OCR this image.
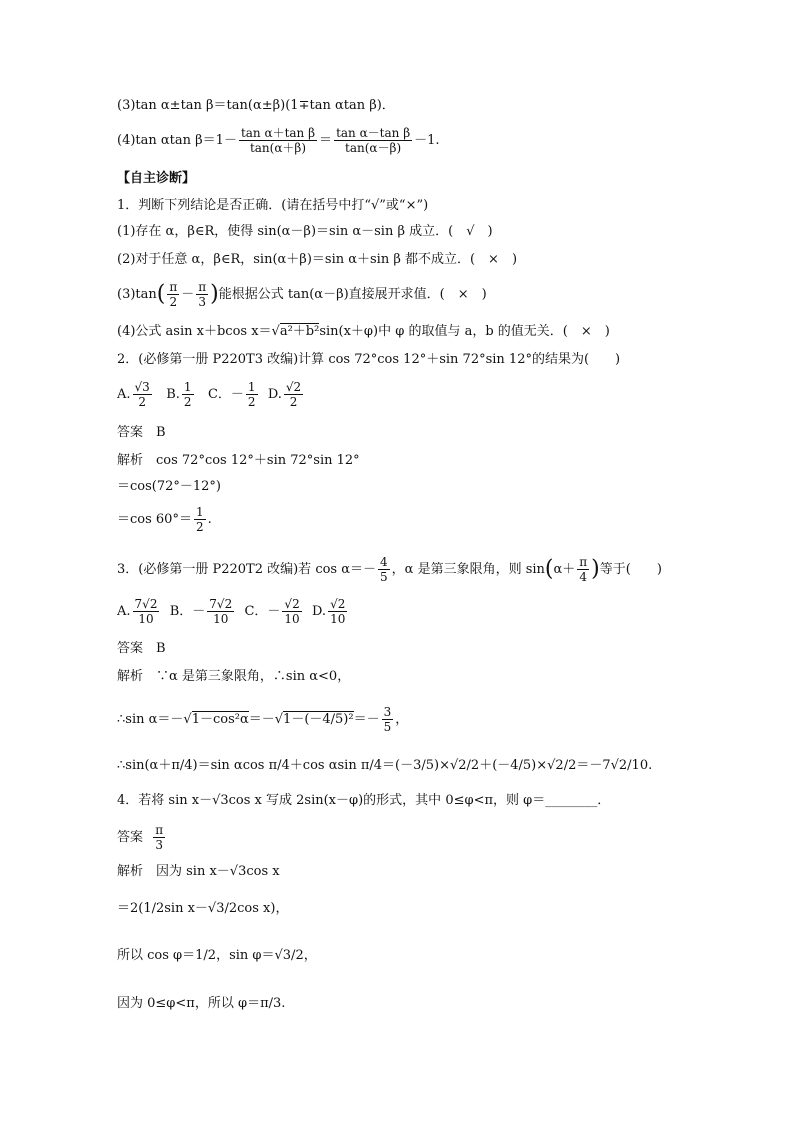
(3)tan α±tan β＝tan(α±β)(1∓tan αtan β)．
(4)tan αtan $\beta=1- \frac{\text{tan α＋tan β}}{\tan(\alpha+\beta)} = \frac{\text{tan α－tan β}}{\tan(\alpha-\beta)} -1$.
【自主诊断】
1．判断下列结论是否正确．(请在括号中打“√”或“×”)
(1)存在 α，β∈R，使得 sin(α－β)＝sin α－sin β 成立．(　√　)
(2)对于任意 α，β∈R，sin(α＋β)＝sin α＋sin β 都不成立．(　×　)
$(3)\tan( \frac{\pi}{2} - \frac{\pi}{3}$ )能根据公式 tan(α－β)直接展开求值．(　×　)
(4)公式 asin x＋bcos x＝√a²＋b²sin(x＋φ)中 φ 的取值与 a，b 的值无关．(　×　)
2．(必修第一册 P220T3 改编)计算 cos 72°cos 12°＋sin 72°sin 12°的结果为(　　)
A. $\frac{√3}{2} B$. $\frac{1}{2}$ C．－ $\frac{1}{2} D$. $\frac{√2}{2}$
答案　B
解析　cos 72°cos 12°＋sin 72°sin 12°
＝cos(72°－12°)
＝cos $60^\circ= \frac{1}{2}$ .
3．(必修第一册 P220T2 改编)若 $\cos \alpha=- \frac{4}{5}$ ，α 是第三象限角，则 $\sin(\alpha+ \frac{\pi}{4}$ )等于(　　)
A. $\frac{7√2}{10}$ B．－ $\frac{7√2}{10}$ C．－ $\frac{√2}{10} D$. $\frac{√2}{10}$
答案　B
解析　∵α 是第三象限角，∴sin α<0，
∴sin $\alpha=-√1-\cos^2\alpha=-√1-(-4/5)^2=- \frac{3}{5}$ ，
∴sin(α＋π/4)＝sin αcos π/4＋cos αsin π/4＝(－3/5)×√2/2＋(－4/5)×√2/2＝－7√2/10.
4．若将 sin x－√3cos x 写成 2sin(x－φ)的形式，其中 0≤φ<π，则 φ＝________．
答案 $\frac{\pi}{3}$
解析　因为 sin x－√3cos x
＝2(1/2sin x－√3/2cos x)，
所以 cos φ＝1/2，sin φ＝√3/2，
因为 0≤φ<π，所以 φ＝π/3.
